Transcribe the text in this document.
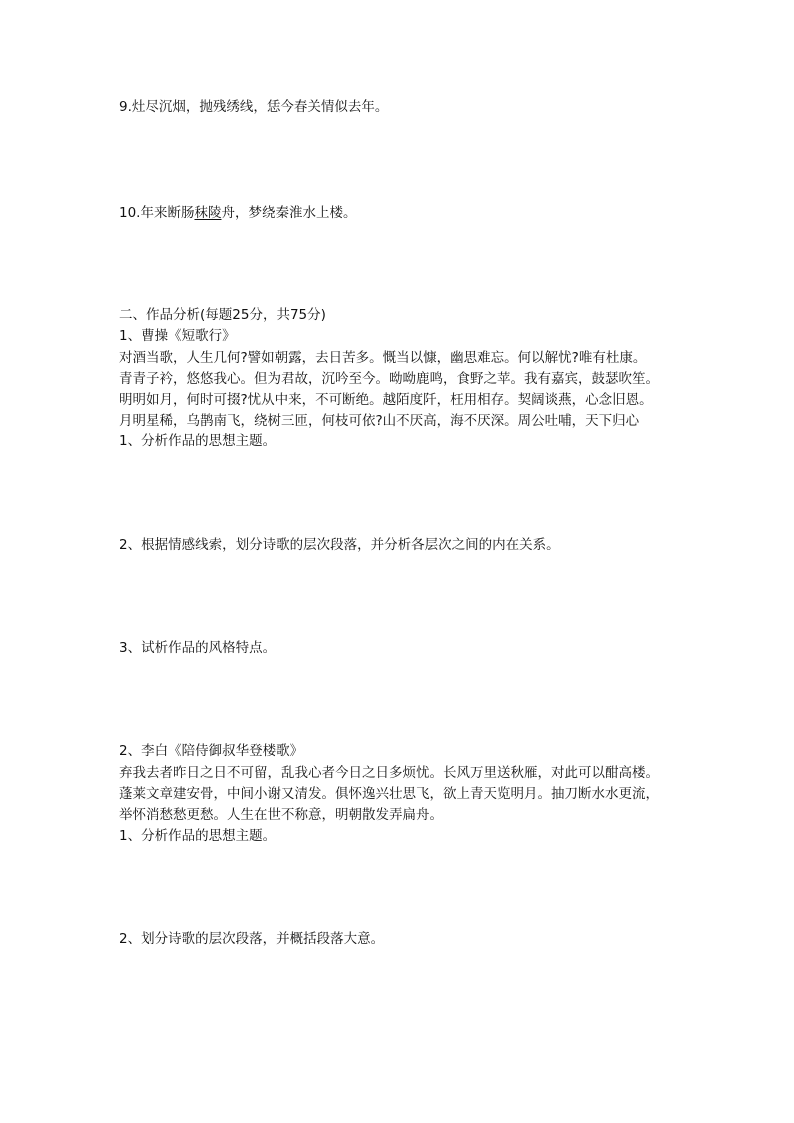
9.灶尽沉烟，抛残绣线，恁今春关情似去年。
10.年来断肠秣陵舟，梦绕秦淮水上楼。
二、作品分析(每题25分，共75分)
1、曹操《短歌行》
对酒当歌，人生几何?譬如朝露，去日苦多。慨当以慷，幽思难忘。何以解忧?唯有杜康。
青青子衿，悠悠我心。但为君故，沉吟至今。呦呦鹿鸣，食野之苹。我有嘉宾，鼓瑟吹笙。
明明如月，何时可掇?忧从中来，不可断绝。越陌度阡，枉用相存。契阔谈燕，心念旧恩。
月明星稀，乌鹊南飞，绕树三匝，何枝可依?山不厌高，海不厌深。周公吐哺，天下归心
1、分析作品的思想主题。
2、根据情感线索，划分诗歌的层次段落，并分析各层次之间的内在关系。
3、试析作品的风格特点。
2、李白《陪侍御叔华登楼歌》
弃我去者昨日之日不可留，乱我心者今日之日多烦忧。长风万里送秋雁，对此可以酣高楼。
蓬莱文章建安骨，中间小谢又清发。俱怀逸兴壮思飞，欲上青天览明月。抽刀断水水更流，
举怀消愁愁更愁。人生在世不称意，明朝散发弄扁舟。
1、分析作品的思想主题。
2、划分诗歌的层次段落，并概括段落大意。
